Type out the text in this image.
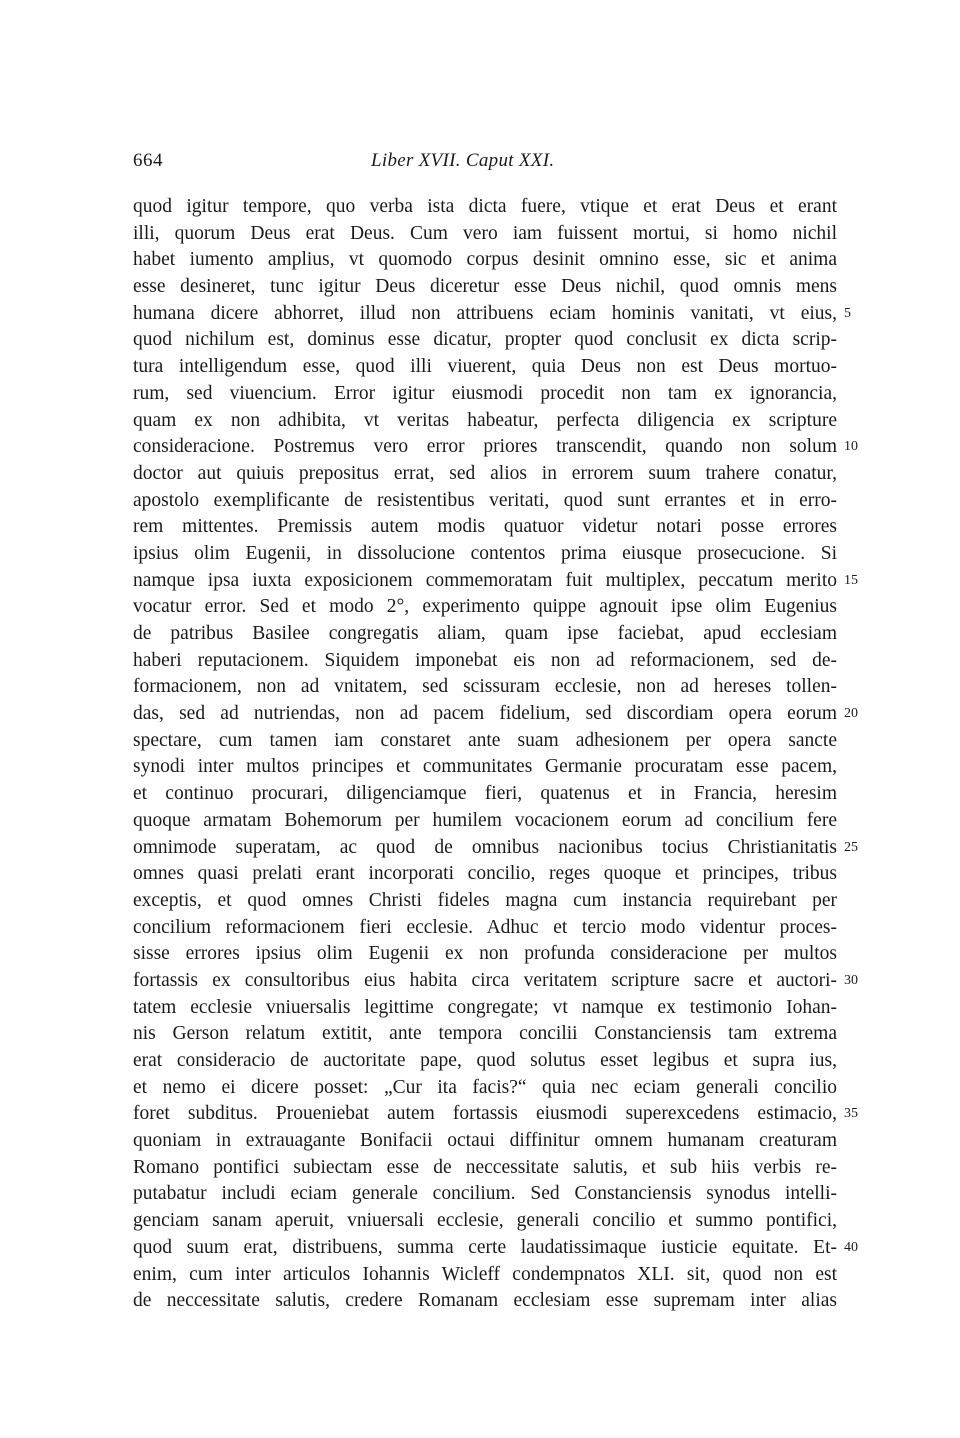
664	Liber XVII. Caput XXI.
quod igitur tempore, quo verba ista dicta fuere, vtique et erat Deus et erant
illi, quorum Deus erat Deus. Cum vero iam fuissent mortui, si homo nichil
habet iumento amplius, vt quomodo corpus desinit omnino esse, sic et anima
esse desineret, tunc igitur Deus diceretur esse Deus nichil, quod omnis mens
humana dicere abhorret, illud non attribuens eciam hominis vanitati, vt eius, 5
quod nichilum est, dominus esse dicatur, propter quod conclusit ex dicta scrip-
tura intelligendum esse, quod illi viuerent, quia Deus non est Deus mortuo-
rum, sed viuencium. Error igitur eiusmodi procedit non tam ex ignorancia,
quam ex non adhibita, vt veritas habeatur, perfecta diligencia ex scripture
consideracione. Postremus vero error priores transcendit, quando non solum 10
doctor aut quiuis prepositus errat, sed alios in errorem suum trahere conatur,
apostolo exemplificante de resistentibus veritati, quod sunt errantes et in erro-
rem mittentes. Premissis autem modis quatuor videtur notari posse errores
ipsius olim Eugenii, in dissolucione contentos prima eiusque prosecucione. Si
namque ipsa iuxta exposicionem commemoratam fuit multiplex, peccatum merito 15
vocatur error. Sed et modo 2°, experimento quippe agnouit ipse olim Eugenius
de patribus Basilee congregatis aliam, quam ipse faciebat, apud ecclesiam
haberi reputacionem. Siquidem imponebat eis non ad reformacionem, sed de-
formacionem, non ad vnitatem, sed scissuram ecclesie, non ad hereses tollen-
das, sed ad nutriendas, non ad pacem fidelium, sed discordiam opera eorum 20
spectare, cum tamen iam constaret ante suam adhesionem per opera sancte
synodi inter multos principes et communitates Germanie procuratam esse pacem,
et continuo procurari, diligenciamque fieri, quatenus et in Francia, heresim
quoque armatam Bohemorum per humilem vocacionem eorum ad concilium fere
omnimode superatam, ac quod de omnibus nacionibus tocius Christianitatis 25
omnes quasi prelati erant incorporati concilio, reges quoque et principes, tribus
exceptis, et quod omnes Christi fideles magna cum instancia requirebant per
concilium reformacionem fieri ecclesie. Adhuc et tercio modo videntur proces-
sisse errores ipsius olim Eugenii ex non profunda consideracione per multos
fortassis ex consultoribus eius habita circa veritatem scripture sacre et auctori- 30
tatem ecclesie vniuersalis legittime congregate; vt namque ex testimonio Iohan-
nis Gerson relatum extitit, ante tempora concilii Constanciensis tam extrema
erat consideracio de auctoritate pape, quod solutus esset legibus et supra ius,
et nemo ei dicere posset: „Cur ita facis?“ quia nec eciam generali concilio
foret subditus. Proueniebat autem fortassis eiusmodi superexcedens estimacio, 35
quoniam in extrauagante Bonifacii octaui diffinitur omnem humanam creaturam
Romano pontifici subiectam esse de neccessitate salutis, et sub hiis verbis re-
putabatur includi eciam generale concilium. Sed Constanciensis synodus intelli-
genciam sanam aperuit, vniuersali ecclesie, generali concilio et summo pontifici,
quod suum erat, distribuens, summa certe laudatissimaque iusticie equitate. Et- 40
enim, cum inter articulos Iohannis Wicleff condempnatos XLI. sit, quod non est
de neccessitate salutis, credere Romanam ecclesiam esse supremam inter alias
